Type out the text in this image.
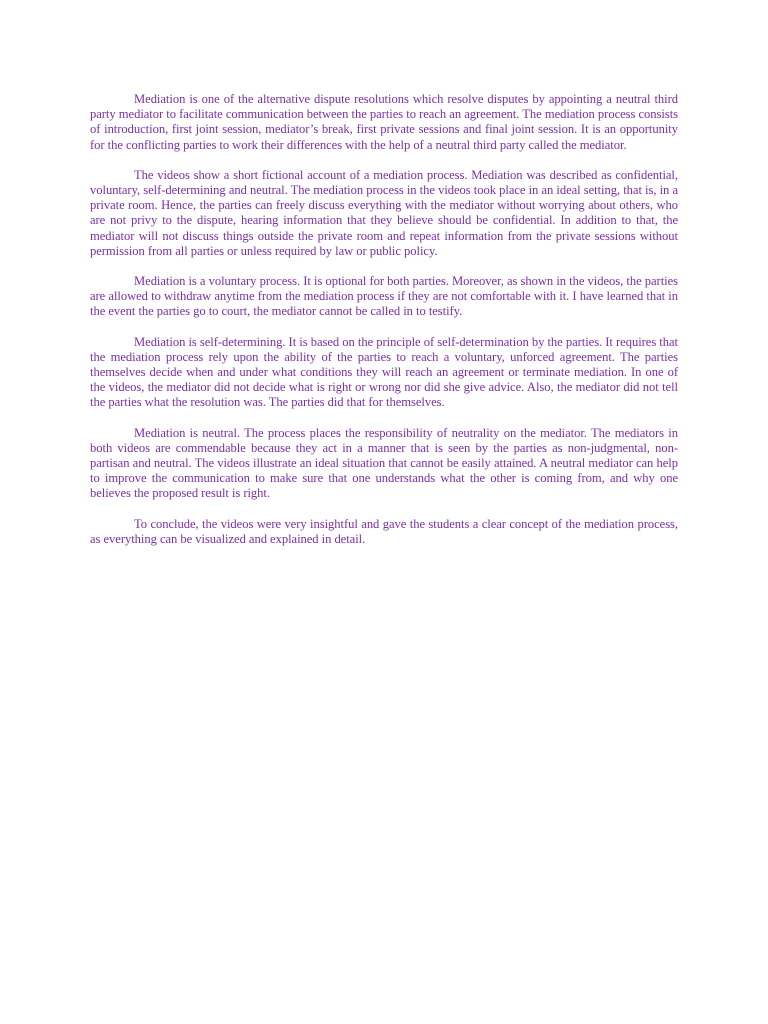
Mediation is one of the alternative dispute resolutions which resolve disputes by appointing a neutral third party mediator to facilitate communication between the parties to reach an agreement. The mediation process consists of introduction, first joint session, mediator’s break, first private sessions and final joint session. It is an opportunity for the conflicting parties to work their differences with the help of a neutral third party called the mediator.

The videos show a short fictional account of a mediation process. Mediation was described as confidential, voluntary, self-determining and neutral. The mediation process in the videos took place in an ideal setting, that is, in a private room. Hence, the parties can freely discuss everything with the mediator without worrying about others, who are not privy to the dispute, hearing information that they believe should be confidential. In addition to that, the mediator will not discuss things outside the private room and repeat information from the private sessions without permission from all parties or unless required by law or public policy.

Mediation is a voluntary process. It is optional for both parties. Moreover, as shown in the videos, the parties are allowed to withdraw anytime from the mediation process if they are not comfortable with it. I have learned that in the event the parties go to court, the mediator cannot be called in to testify.

Mediation is self-determining. It is based on the principle of self-determination by the parties. It requires that the mediation process rely upon the ability of the parties to reach a voluntary, unforced agreement. The parties themselves decide when and under what conditions they will reach an agreement or terminate mediation. In one of the videos, the mediator did not decide what is right or wrong nor did she give advice. Also, the mediator did not tell the parties what the resolution was. The parties did that for themselves.

Mediation is neutral. The process places the responsibility of neutrality on the mediator. The mediators in both videos are commendable because they act in a manner that is seen by the parties as non-judgmental, non-partisan and neutral. The videos illustrate an ideal situation that cannot be easily attained. A neutral mediator can help to improve the communication to make sure that one understands what the other is coming from, and why one believes the proposed result is right.

To conclude, the videos were very insightful and gave the students a clear concept of the mediation process, as everything can be visualized and explained in detail.
